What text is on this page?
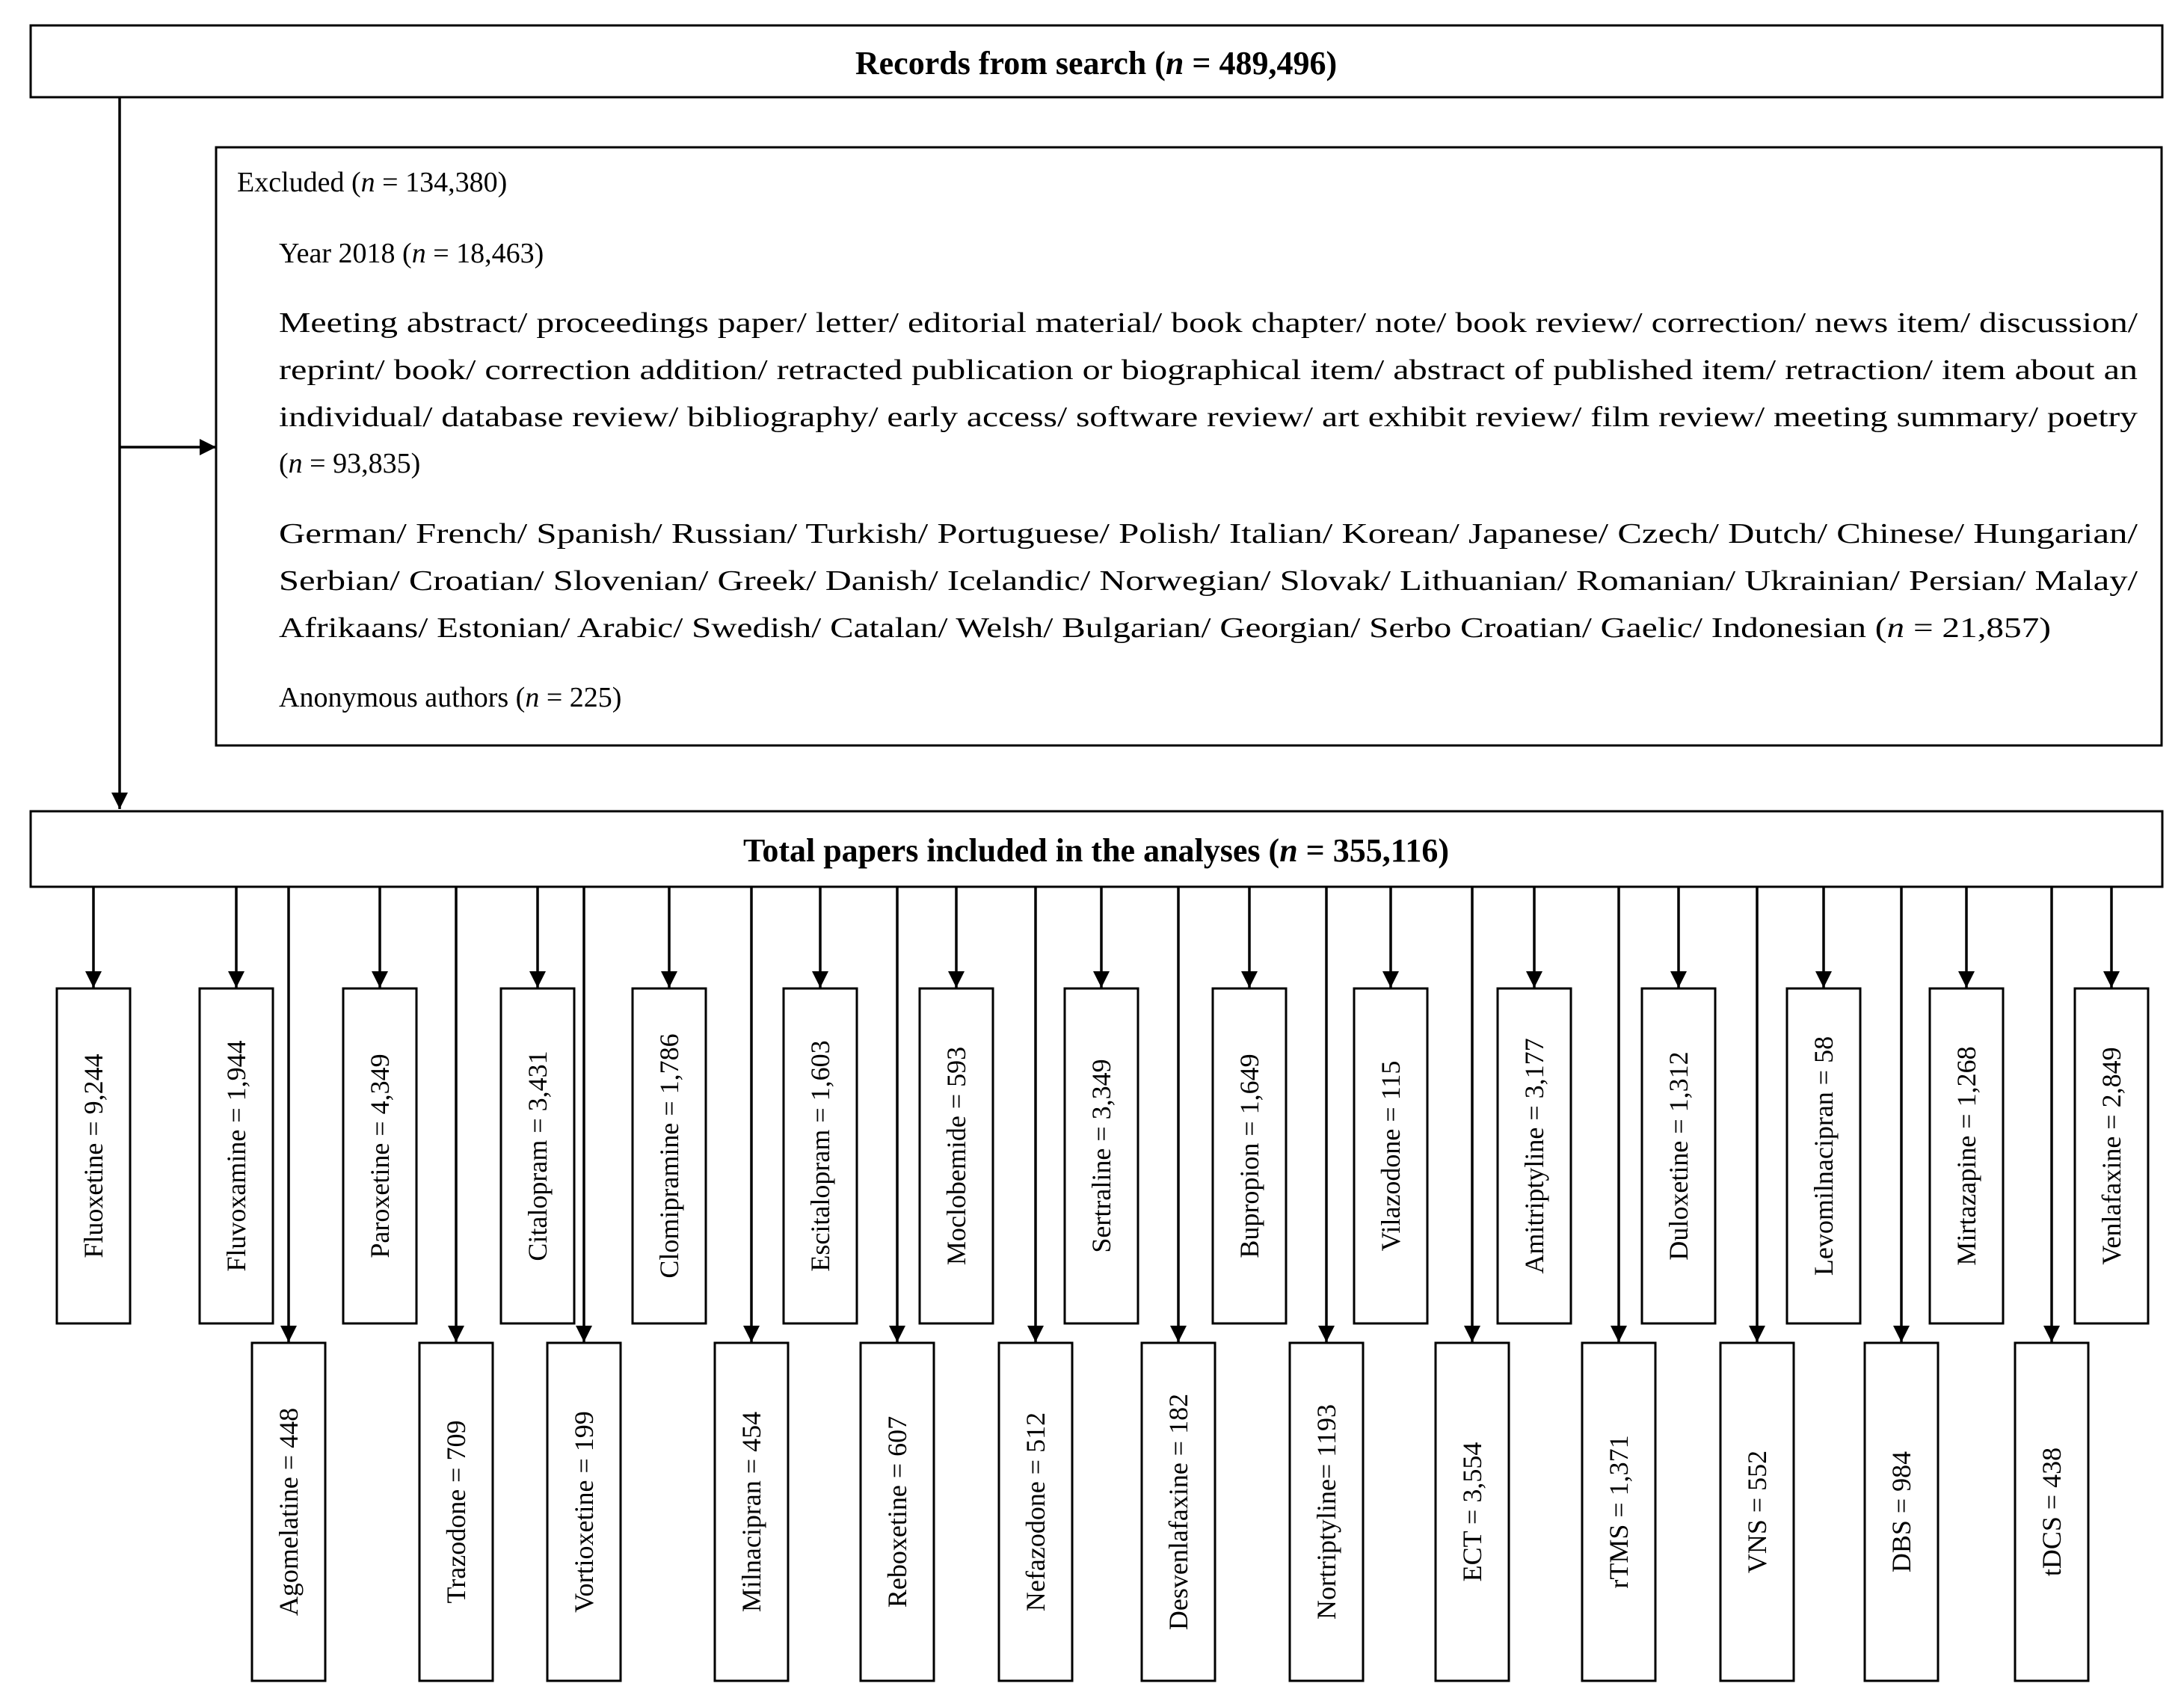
Records from search (n = 489,496)
Excluded (n = 134,380)
Year 2018 (n = 18,463)
Meeting abstract/ proceedings paper/ letter/ editorial material/ book chapter/ note/ book review/ correction/ news item/ discussion/
reprint/ book/ correction addition/ retracted publication or biographical item/ abstract of published item/ retraction/ item about an
individual/ database review/ bibliography/ early access/ software review/ art exhibit review/ film review/ meeting summary/ poetry
(n = 93,835)
German/ French/ Spanish/ Russian/ Turkish/ Portuguese/ Polish/ Italian/ Korean/ Japanese/ Czech/ Dutch/ Chinese/ Hungarian/
Serbian/ Croatian/ Slovenian/ Greek/ Danish/ Icelandic/ Norwegian/ Slovak/ Lithuanian/ Romanian/ Ukrainian/ Persian/ Malay/
Afrikaans/ Estonian/ Arabic/ Swedish/ Catalan/ Welsh/ Bulgarian/ Georgian/ Serbo Croatian/ Gaelic/ Indonesian (	n = 21,857)
Anonymous authors (n = 225)
Total papers included in the analyses (n = 355,116)
Fluoxetine = 9,244	Fluvoxamine = 1,944	Paroxetine = 4,349	Citalopram = 3,431	Clomipramine = 1,786	Escitalopram = 1,603	Moclobemide = 593	Sertraline = 3,349	Bupropion = 1,649	Vilazodone = 115	Amitriptyline = 3,177	Duloxetine = 1,312	Levomilnacipran = 58	Mirtazapine = 1,268	Venlafaxine = 2,849
Agomelatine = 448	Trazodone = 709	Vortioxetine = 199	Milnacipran = 454	Reboxetine = 607	Nefazodone = 512	Desvenlafaxine = 182	Nortriptyline= 1193	ECT = 3,554	rTMS = 1,371	VNS = 552	DBS = 984	tDCS = 438
